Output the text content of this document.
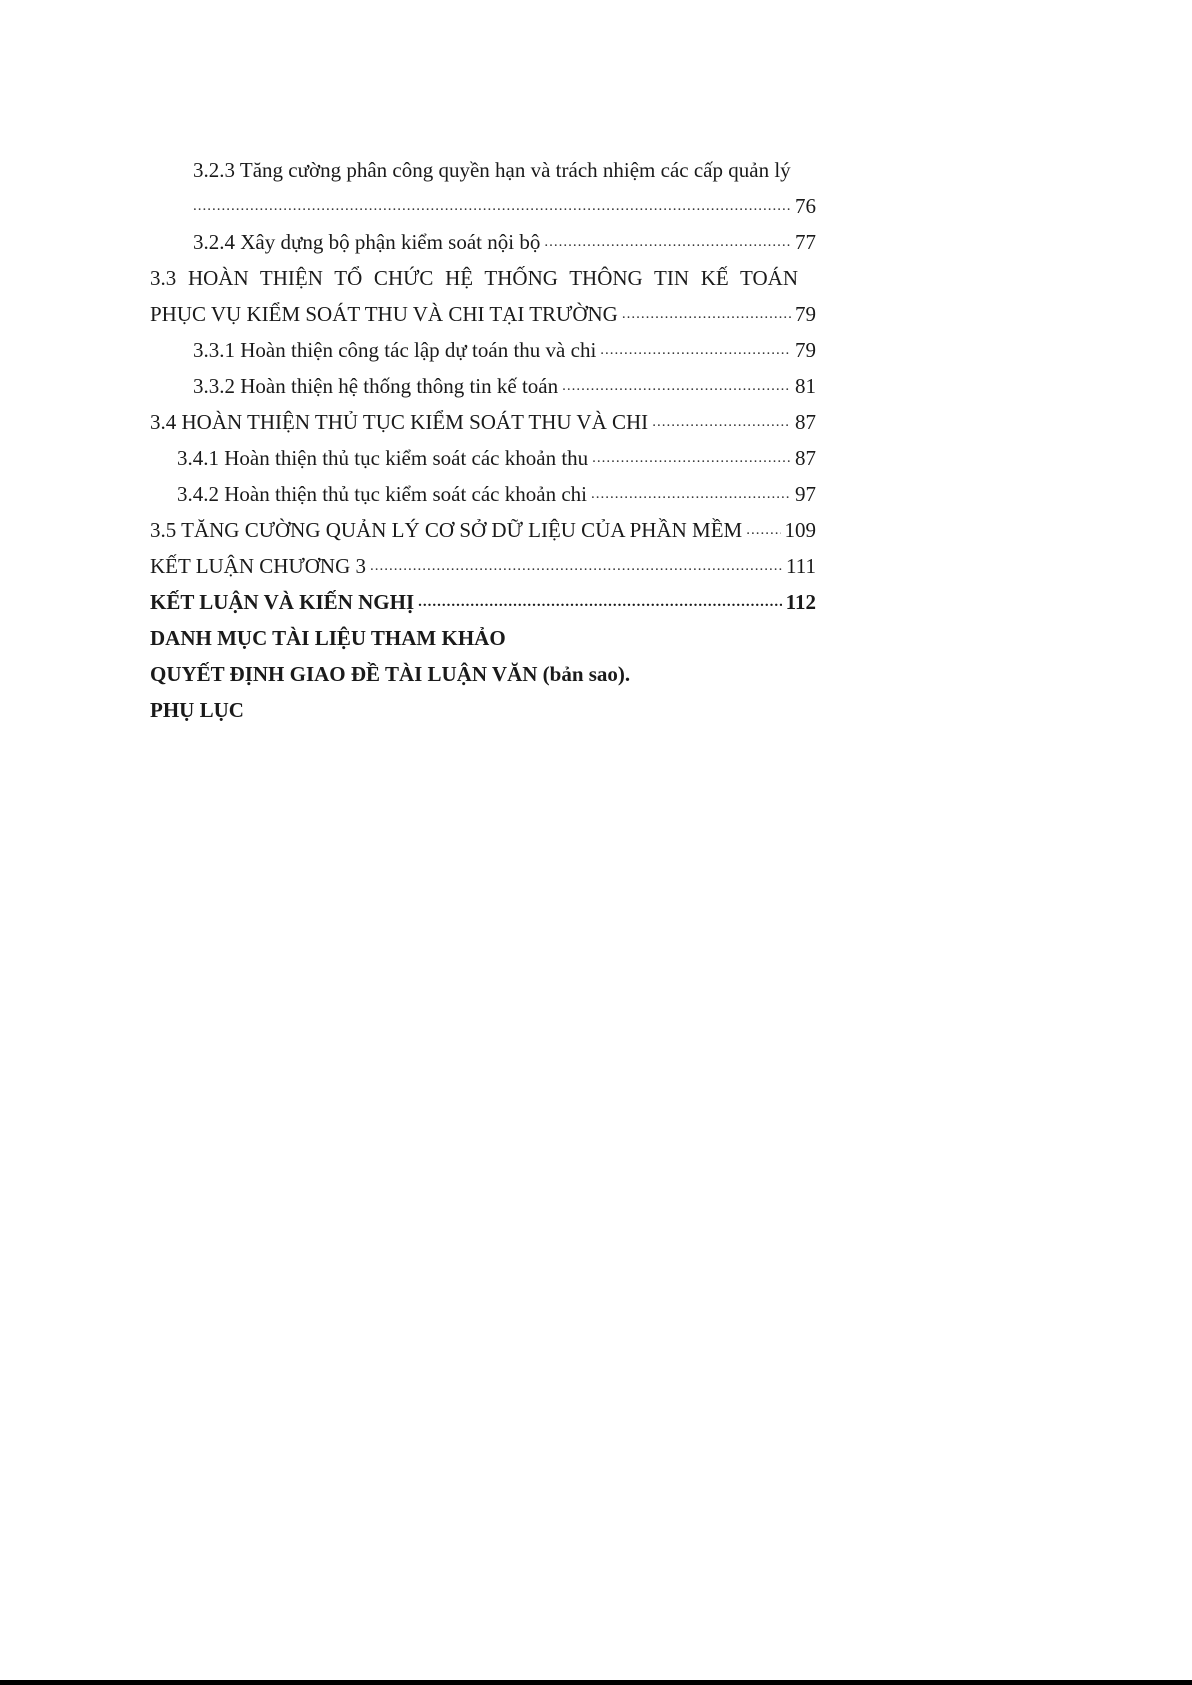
3.2.3 Tăng cường phân công quyền hạn và trách nhiệm các cấp quản lý
.....
76
3.2.4 Xây dựng bộ phận kiểm soát nội bộ .....	77
3.3 HOÀN THIỆN TỔ CHỨC HỆ THỐNG THÔNG TIN KẾ TOÁN
PHỤC VỤ KIỂM SOÁT THU VÀ CHI TẠI TRƯỜNG .....	79
3.3.1 Hoàn thiện công tác lập dự toán thu và chi .....	79
3.3.2 Hoàn thiện hệ thống thông tin kế toán .....	81
3.4 HOÀN THIỆN THỦ TỤC KIỂM SOÁT THU VÀ CHI .....	87
3.4.1 Hoàn thiện thủ tục kiểm soát các khoản thu .....	87
3.4.2 Hoàn thiện thủ tục kiểm soát các khoản chi .....	97
3.5 TĂNG CƯỜNG QUẢN LÝ CƠ SỞ DỮ LIỆU CỦA PHẦN MỀM ..... 109
KẾT LUẬN CHƯƠNG 3 .....	111
KẾT LUẬN VÀ KIẾN NGHỊ .....	112
DANH MỤC TÀI LIỆU THAM KHẢO
QUYẾT ĐỊNH GIAO ĐỀ TÀI LUẬN VĂN (bản sao).
PHỤ LỤC
